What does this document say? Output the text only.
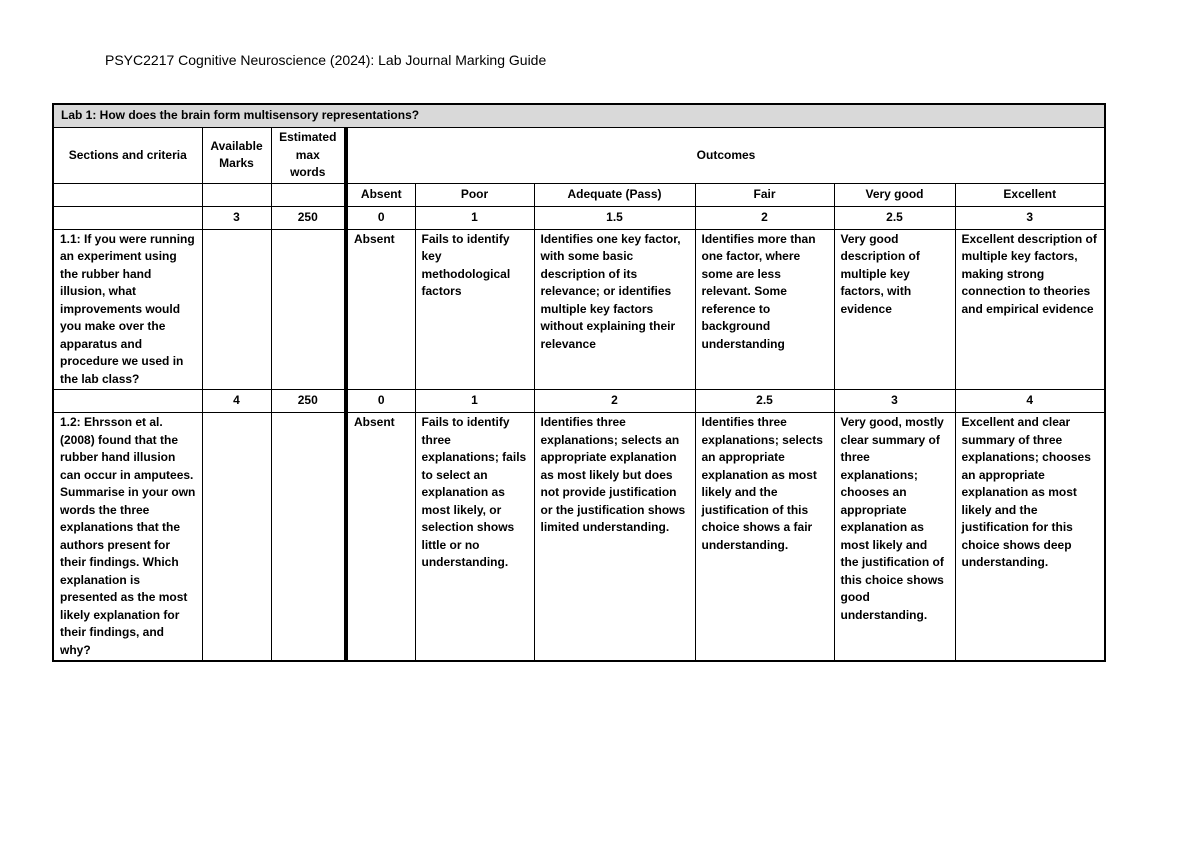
PSYC2217 Cognitive Neuroscience (2024): Lab Journal Marking Guide
Lab 1: How does the brain form multisensory representations?								
Sections and criteria	Available Marks	Estimated max words	Outcomes					
			Absent	Poor	Adequate (Pass)	Fair	Very good	Excellent
	3	250	0	1	1.5	2	2.5	3
1.1: If you were running an experiment using the rubber hand illusion, what improvements would you make over the apparatus and procedure we used in the lab class?			Absent	Fails to identify key methodological factors	Identifies one key factor, with some basic description of its relevance; or identifies multiple key factors without explaining their relevance	Identifies more than one factor, where some are less relevant. Some reference to background understanding	Very good description of multiple key factors, with evidence	Excellent description of multiple key factors, making strong connection to theories and empirical evidence
	4	250	0	1	2	2.5	3	4
1.2: Ehrsson et al. (2008) found that the rubber hand illusion can occur in amputees. Summarise in your own words the three explanations that the authors present for their findings. Which explanation is presented as the most likely explanation for their findings, and why?			Absent	Fails to identify three explanations; fails to select an explanation as most likely, or selection shows little or no understanding.	Identifies three explanations; selects an appropriate explanation as most likely but does not provide justification or the justification shows limited understanding.	Identifies three explanations; selects an appropriate explanation as most likely and the justification of this choice shows a fair understanding.	Very good, mostly clear summary of three explanations; chooses an appropriate explanation as most likely and the justification of this choice shows good understanding.	Excellent and clear summary of three explanations; chooses an appropriate explanation as most likely and the justification for this choice shows deep understanding.
